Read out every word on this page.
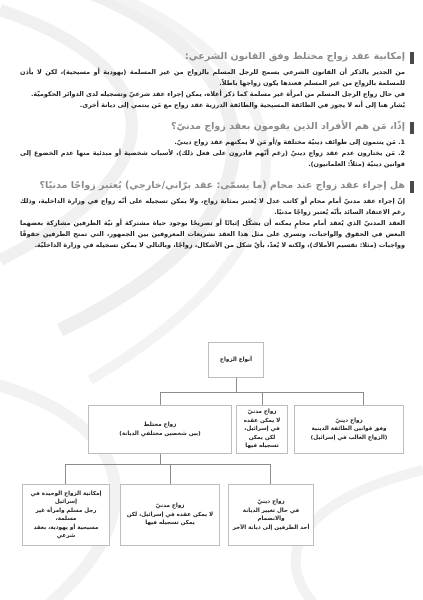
إمكانية عقد زواج مختلط وفق القانون الشرعي:

من الجدير بالذكر أن القانون الشرعي يسمح للرجل المسلم بالزواج من غير المسلمة (يهودية أو مسيحية)، لكن لا يأذن للمسلمة بالزواج من غير المسلم فعندها يكون زواجها باطلاً.

في حال زواج الرجل المسلم من امرأة غير مسلمة كما ذكر أعلاه، يمكن إجراء عقد شرعيّ وتسجيله لدى الدوائر الحكوميّة.

يُشار هنا إلى أنه لا يجوز في الطائفة المسيحية والطائفة الدرزية عقد زواج مع مَن ينتمي إلى ديانة أخرى.

إذًا، مَن هم الأفراد الذين يقومون بعقد زواج مدنيّ؟

1. مَن ينتمون إلى طوائف دينيّة مختلفة و/أو مَن لا يمكنهم عقد زواج دينيّ.

2. مَن يختارون عدم عقد زواج دينيّ (رغم أنّهم قادرون على فعل ذلك)، لأسباب شخصية أو مبدئية منها عدم الخضوع إلى قوانين دينيّة (مثلاً: العلمانيون).

هل إجراء عقد زواج عند محام (ما يسمّى: عقد برّاني/خارجي) يُعتبر زواجًا مدنيًا؟

إنّ إجراء عقد مدنيّ أمام محام أو كاتب عدل لا يُعتبر بمثابة زواج، ولا يمكن تسجيله على أنّه زواج في وزارة الداخلية، وذلك رغم الاعتقاد السائد بأنّه يُعتبر زواجًا مدنيًا.

العقد المدنيّ الذي يُعقد أمام محامٍ يمكنه أن يشكّل إثباتًا أو تصريحًا بوجود حياة مشتركة أو نيّة الطرفين مشاركة بعضهما البعض في الحقوق والواجبات، وتسري على مثل هذا العقد تشريعات المعروفين بين الجمهور، التي تمنح الطرفين حقوقًا وواجبات (مثلا: تقسيم الأملاك)، ولكنه لا يُعدّ، بأيّ شكل من الأشكال، زواجًا، وبالتالي لا يمكن تسجيله في وزارة الداخليّة.

أنواع الزواج
زواج مختلط
(بين شخصين مختلفي الديانة)
زواج مدنيّ
لا يمكن عقده في إسرائيل، لكن يمكن تسجيله فيها
زواج دينيّ
وفق قوانين الطائفة الدينية
(الزواج الغالب في إسرائيل)
إمكانية الزواج الوحيدة في إسرائيل
رجل مسلم وامرأة غير مسلمة،
مسيحية أو يهودية، بعقد شرعي
زواج مدنيّ
لا يمكن عقده في إسرائيل، لكن
يمكن تسجيله فيها
زواج دينيّ
في حال تغيير الديانة والانضمام
أحد الطرفين إلى ديانة الآخر
